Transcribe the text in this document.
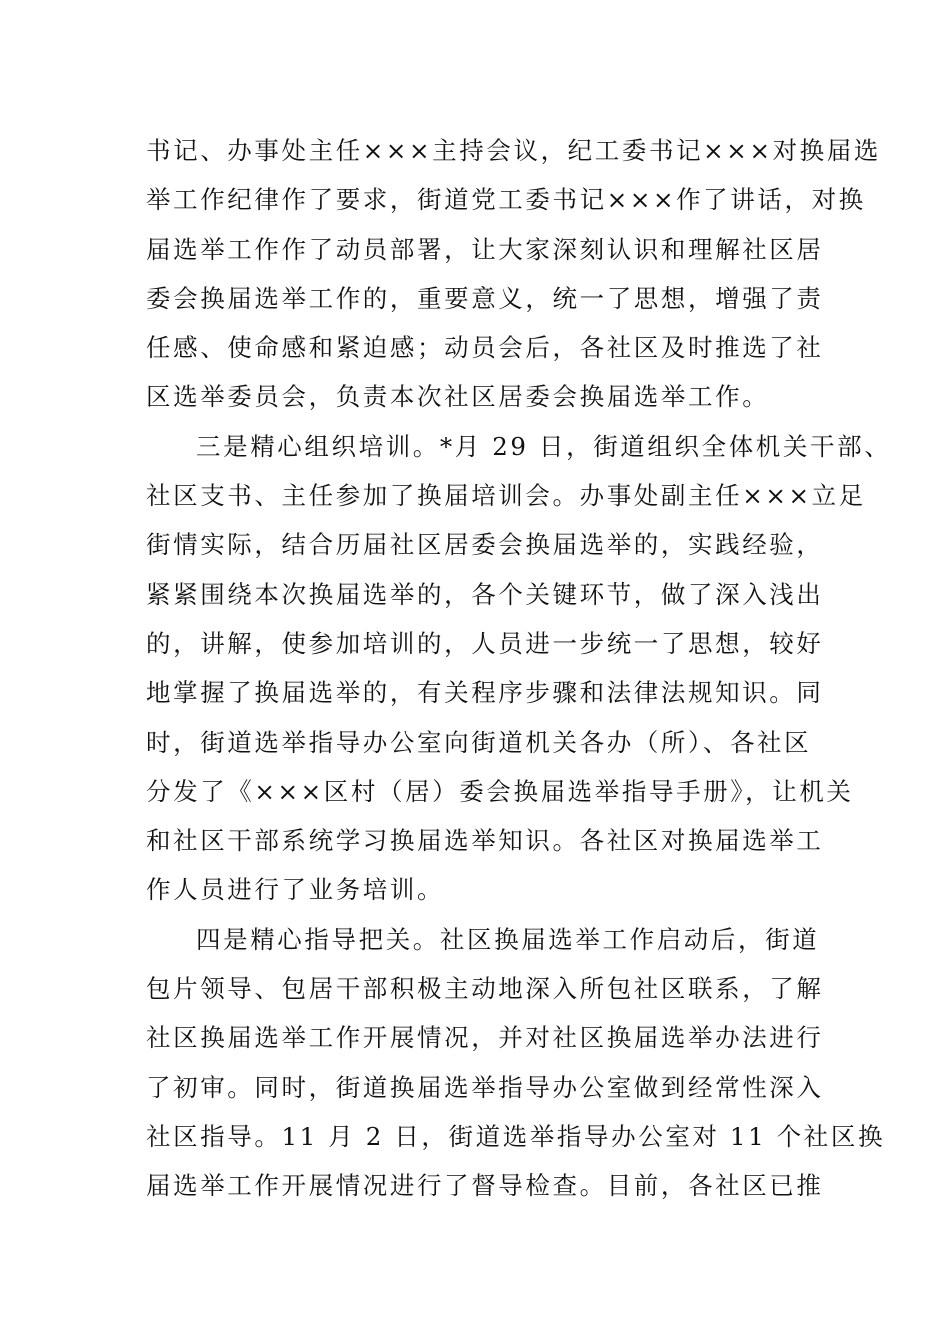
书记、办事处主任×××主持会议，纪工委书记×××对换届选
举工作纪律作了要求，街道党工委书记×××作了讲话，对换
届选举工作作了动员部署，让大家深刻认识和理解社区居
委会换届选举工作的，重要意义，统一了思想，增强了责
任感、使命感和紧迫感；动员会后，各社区及时推选了社
区选举委员会，负责本次社区居委会换届选举工作。
三是精心组织培训。*月 29 日，街道组织全体机关干部、
社区支书、主任参加了换届培训会。办事处副主任×××立足
街情实际，结合历届社区居委会换届选举的，实践经验，
紧紧围绕本次换届选举的，各个关键环节，做了深入浅出
的，讲解，使参加培训的，人员进一步统一了思想，较好
地掌握了换届选举的，有关程序步骤和法律法规知识。同
时，街道选举指导办公室向街道机关各办（所）、各社区
分发了《×××区村（居）委会换届选举指导手册》，让机关
和社区干部系统学习换届选举知识。各社区对换届选举工
作人员进行了业务培训。
四是精心指导把关。社区换届选举工作启动后，街道
包片领导、包居干部积极主动地深入所包社区联系，了解
社区换届选举工作开展情况，并对社区换届选举办法进行
了初审。同时，街道换届选举指导办公室做到经常性深入
社区指导。11 月 2 日，街道选举指导办公室对 11 个社区换
届选举工作开展情况进行了督导检查。目前，各社区已推
